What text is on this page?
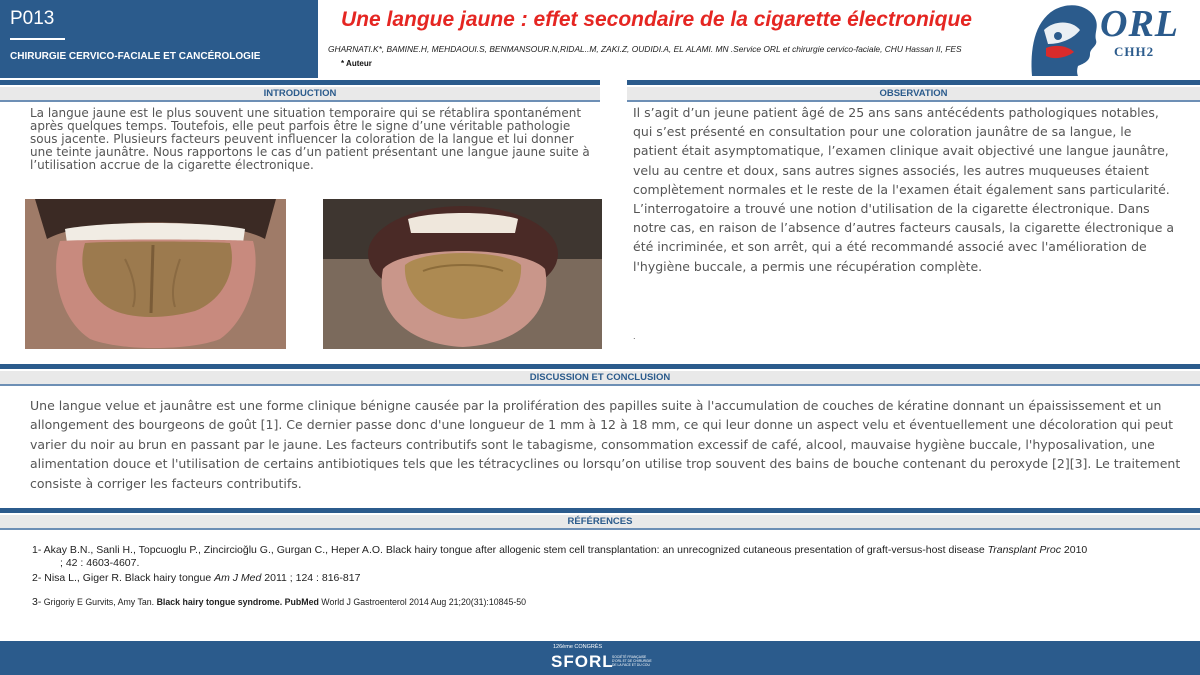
P013
CHIRURGIE CERVICO-FACIALE ET CANCÉROLOGIE
Une langue jaune : effet secondaire de la cigarette électronique
GHARNATI.K*, BAMINE.H, MEHDAOUI.S, BENMANSOUR.N,RIDAL..M, ZAKI.Z, OUDIDI.A, EL ALAMI. MN .Service ORL et chirurgie cervico-faciale, CHU Hassan II, FES
* Auteur
ORL
CHH2
INTRODUCTION	OBSERVATION
DISCUSSION ET CONCLUSION
RÉFÉRENCES
La langue jaune est le plus souvent une situation temporaire qui se rétablira spontanément après quelques temps. Toutefois, elle peut parfois être le signe d’une véritable pathologie sous jacente. Plusieurs facteurs peuvent influencer la coloration de la langue et lui donner une teinte jaunâtre. Nous rapportons le cas d’un patient présentant une langue jaune suite à l’utilisation accrue de la cigarette électronique.
Il s’agit d’un jeune patient âgé de 25 ans sans antécédents pathologiques notables, qui s’est présenté en consultation pour une coloration jaunâtre de sa langue, le patient était asymptomatique, l’examen clinique avait objectivé une langue jaunâtre, velu au centre et doux, sans autres signes associés, les autres muqueuses étaient complètement normales et le reste de la l'examen était également sans particularité. L’interrogatoire a trouvé une notion d'utilisation de la cigarette électronique. Dans notre cas, en raison de l’absence d’autres facteurs causals, la cigarette électronique a été incriminée, et son arrêt, qui a été recommandé associé avec l'amélioration de l'hygiène buccale, a permis une récupération complète.
.
Une langue velue et jaunâtre est une forme clinique bénigne causée par la prolifération des papilles suite à l'accumulation de couches de kératine donnant un épaississement et un allongement des bourgeons de goût [1]. Ce dernier passe donc d'une longueur de 1 mm à 12 à 18 mm, ce qui leur donne un aspect velu et éventuellement une décoloration qui peut varier du noir au brun en passant par le jaune. Les facteurs contributifs sont le tabagisme, consommation excessif de café, alcool, mauvaise hygiène buccale, l'hyposalivation, une alimentation douce et l'utilisation de certains antibiotiques tels que les tétracyclines ou lorsqu’on utilise trop souvent des bains de bouche contenant du peroxyde [2][3]. Le traitement consiste à corriger les facteurs contributifs.
1- Akay B.N., Sanli H., Topcuoglu P., Zincircioğlu G., Gurgan C., Heper A.O. Black hairy tongue after allogenic stem cell transplantation: an unrecognized cutaneous presentation of graft-versus-host disease Transplant Proc 2010
; 42 : 4603-4607.
2- Nisa L., Giger R. Black hairy tongue Am J Med 2011 ; 124 : 816-817
3- Grigoriy E Gurvits, Amy Tan. Black hairy tongue syndrome. PubMed World J Gastroenterol 2014 Aug 21;20(31):10845-50
126ème CONGRÈS
SFORL
SOCIÉTÉ FRANÇAISE D'ORL ET DE CHIRURGIE DE LA FACE ET DU COU
